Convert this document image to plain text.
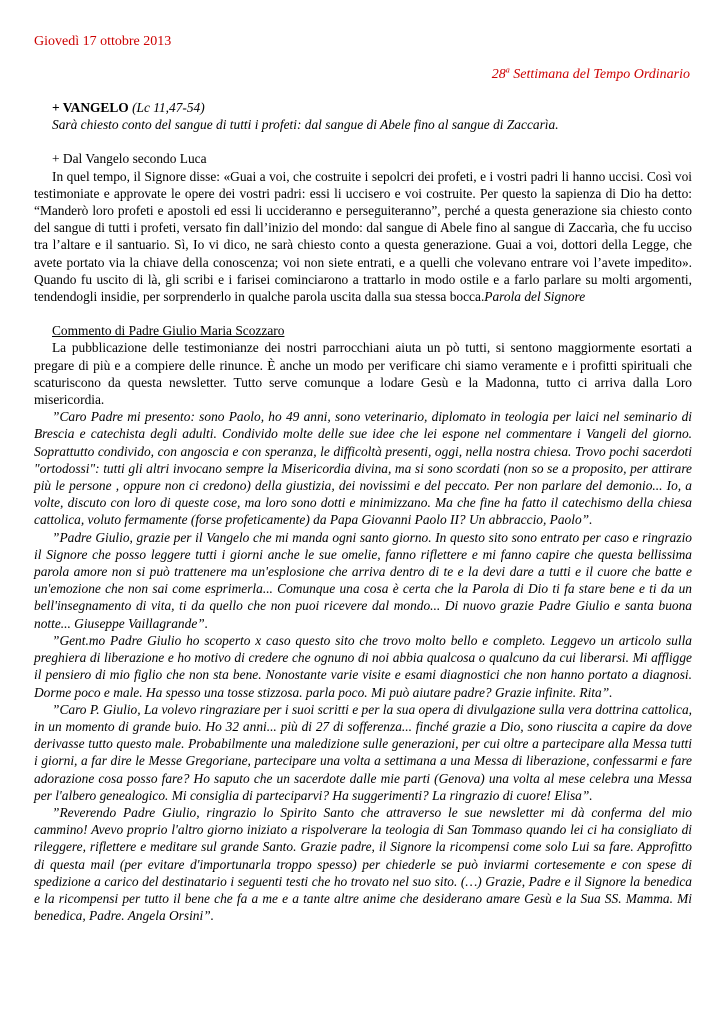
Giovedì 17 ottobre 2013
28$^a$ Settimana del Tempo Ordinario

+ VANGELO (Lc 11,47-54)

Sarà chiesto conto del sangue di tutti i profeti: dal sangue di Abele fino al sangue di Zaccarìa.

+ Dal Vangelo secondo Luca

In quel tempo, il Signore disse: «Guai a voi, che costruite i sepolcri dei profeti, e i vostri padri li hanno uccisi. Così voi testimoniate e approvate le opere dei vostri padri: essi li uccisero e voi costruite. Per questo la sapienza di Dio ha detto: “Manderò loro profeti e apostoli ed essi li uccideranno e perseguiteranno”, perché a questa generazione sia chiesto conto del sangue di tutti i profeti, versato fin dall’inizio del mondo: dal sangue di Abele fino al sangue di Zaccarìa, che fu ucciso tra l’altare e il santuario. Sì, Io vi dico, ne sarà chiesto conto a questa generazione. Guai a voi, dottori della Legge, che avete portato via la chiave della conoscenza; voi non siete entrati, e a quelli che volevano entrare voi l’avete impedito». Quando fu uscito di là, gli scribi e i farisei cominciarono a trattarlo in modo ostile e a farlo parlare su molti argomenti, tendendogli insidie, per sorprenderlo in qualche parola uscita dalla sua stessa bocca.Parola del Signore

Commento di Padre Giulio Maria Scozzaro

La pubblicazione delle testimonianze dei nostri parrocchiani aiuta un pò tutti, si sentono maggiormente esortati a pregare di più e a compiere delle rinunce. È anche un modo per verificare chi siamo veramente e i profitti spirituali che scaturiscono da questa newsletter. Tutto serve comunque a lodare Gesù e la Madonna, tutto ci arriva dalla Loro misericordia.

”Caro Padre mi presento: sono Paolo, ho 49 anni, sono veterinario, diplomato in teologia per laici nel seminario di Brescia e catechista degli adulti. Condivido molte delle sue idee che lei espone nel commentare i Vangeli del giorno. Soprattutto condivido, con angoscia e con speranza, le difficoltà presenti, oggi, nella nostra chiesa. Trovo pochi sacerdoti "ortodossi": tutti gli altri invocano sempre la Misericordia divina, ma si sono scordati (non so se a proposito, per attirare più le persone , oppure non ci credono) della giustizia, dei novissimi e del peccato. Per non parlare del demonio... Io, a volte, discuto con loro di queste cose, ma loro sono dotti e minimizzano. Ma che fine ha fatto il catechismo della chiesa cattolica, voluto fermamente (forse profeticamente) da Papa Giovanni Paolo II? Un abbraccio, Paolo”.

”Padre Giulio, grazie per il Vangelo che mi manda ogni santo giorno. In questo sito sono entrato per caso e ringrazio il Signore che posso leggere tutti i giorni anche le sue omelie, fanno riflettere e mi fanno capire che questa bellissima parola amore non si può trattenere ma un'esplosione che arriva dentro di te e la devi dare a tutti e il cuore che batte e un'emozione che non sai come esprimerla... Comunque una cosa è certa che la Parola di Dio ti fa stare bene e ti da un bell'insegnamento di vita, ti da quello che non puoi ricevere dal mondo... Di nuovo grazie Padre Giulio e santa buona notte... Giuseppe Vaillagrande”.

”Gent.mo Padre Giulio ho scoperto x caso questo sito che trovo molto bello e completo. Leggevo un articolo sulla preghiera di liberazione e ho motivo di credere che ognuno di noi abbia qualcosa o qualcuno da cui liberarsi. Mi affligge il pensiero di mio figlio che non sta bene. Nonostante varie visite e esami diagnostici che non hanno portato a diagnosi. Dorme poco e male. Ha spesso una tosse stizzosa. parla poco. Mi può aiutare padre? Grazie infinite. Rita”.

”Caro P. Giulio, La volevo ringraziare per i suoi scritti e per la sua opera di divulgazione sulla vera dottrina cattolica, in un momento di grande buio. Ho 32 anni... più di 27 di sofferenza... finché grazie a Dio, sono riuscita a capire da dove derivasse tutto questo male. Probabilmente una maledizione sulle generazioni, per cui oltre a partecipare alla Messa tutti i giorni, a far dire le Messe Gregoriane, partecipare una volta a settimana a una Messa di liberazione, confessarmi e fare adorazione cosa posso fare? Ho saputo che un sacerdote dalle mie parti (Genova) una volta al mese celebra una Messa per l'albero genealogico. Mi consiglia di parteciparvi? Ha suggerimenti? La ringrazio di cuore! Elisa”.

”Reverendo Padre Giulio, ringrazio lo Spirito Santo che attraverso le sue newsletter mi dà conferma del mio cammino! Avevo proprio l'altro giorno iniziato a rispolverare la teologia di San Tommaso quando lei ci ha consigliato di rileggere, riflettere e meditare sul grande Santo. Grazie padre, il Signore la ricompensi come solo Lui sa fare. Approfitto di questa mail (per evitare d'importunarla troppo spesso) per chiederle se può inviarmi cortesemente e con spese di spedizione a carico del destinatario i seguenti testi che ho trovato nel suo sito. (…) Grazie, Padre e il Signore la benedica e la ricompensi per tutto il bene che fa a me e a tante altre anime che desiderano amare Gesù e la Sua SS. Mamma. Mi benedica, Padre. Angela Orsini”.
